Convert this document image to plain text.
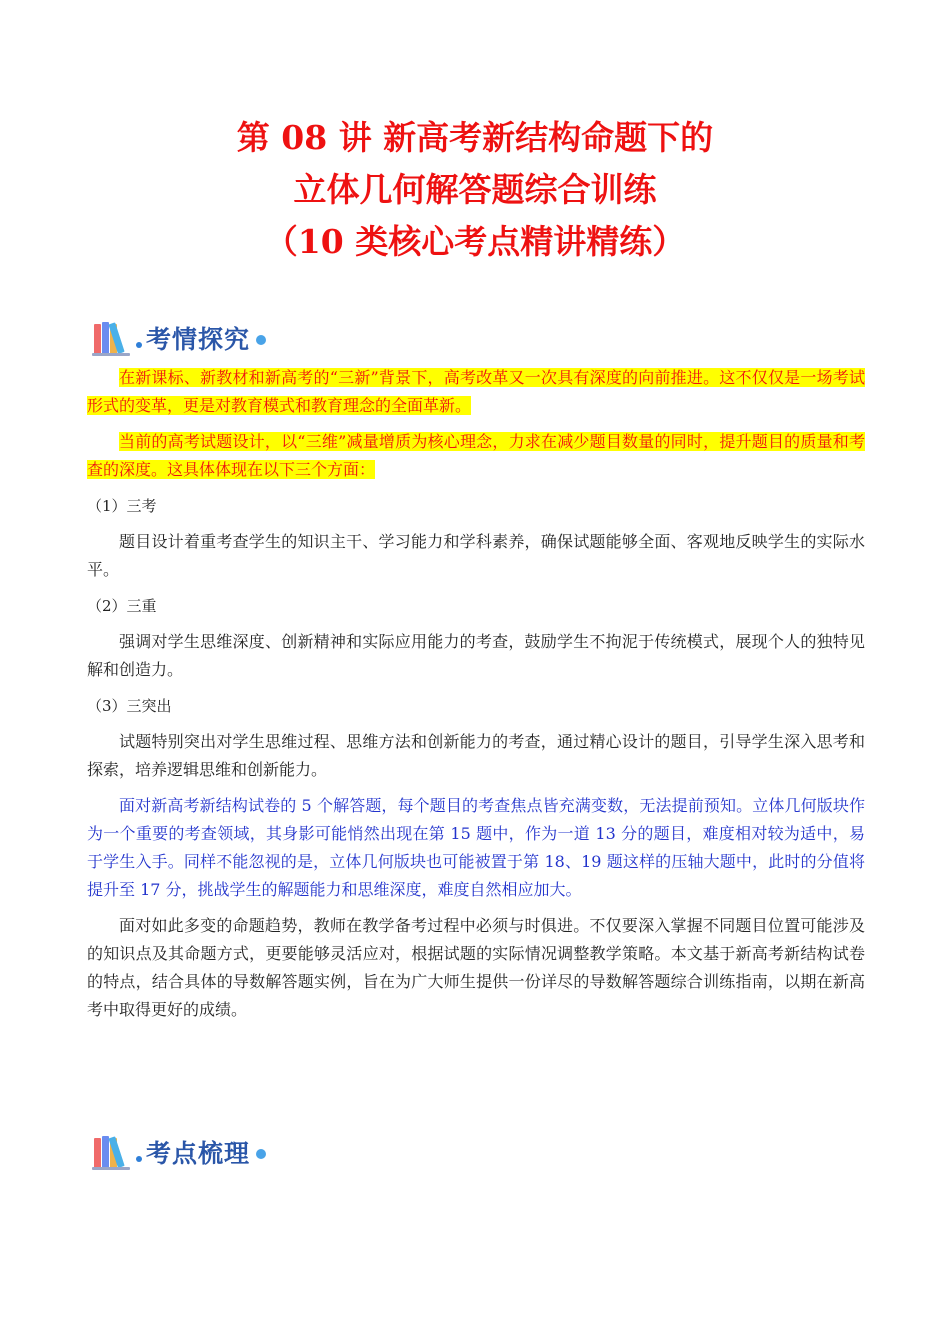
第 08 讲 新高考新结构命题下的
立体几何解答题综合训练
（10 类核心考点精讲精练）
考情探究

在新课标、新教材和新高考的“三新”背景下，高考改革又一次具有深度的向前推进。这不仅仅是一场考试形式的变革，更是对教育模式和教育理念的全面革新。

当前的高考试题设计，以“三维”减量增质为核心理念，力求在减少题目数量的同时，提升题目的质量和考查的深度。这具体体现在以下三个方面：

（1）三考

题目设计着重考查学生的知识主干、学习能力和学科素养，确保试题能够全面、客观地反映学生的实际水平。

（2）三重

强调对学生思维深度、创新精神和实际应用能力的考查，鼓励学生不拘泥于传统模式，展现个人的独特见解和创造力。

（3）三突出

试题特别突出对学生思维过程、思维方法和创新能力的考查，通过精心设计的题目，引导学生深入思考和探索，培养逻辑思维和创新能力。

面对新高考新结构试卷的 5 个解答题，每个题目的考查焦点皆充满变数，无法提前预知。立体几何版块作为一个重要的考查领域，其身影可能悄然出现在第 15 题中，作为一道 13 分的题目，难度相对较为适中，易于学生入手。同样不能忽视的是，立体几何版块也可能被置于第 18、19 题这样的压轴大题中，此时的分值将提升至 17 分，挑战学生的解题能力和思维深度，难度自然相应加大。

面对如此多变的命题趋势，教师在教学备考过程中必须与时俱进。不仅要深入掌握不同题目位置可能涉及的知识点及其命题方式，更要能够灵活应对，根据试题的实际情况调整教学策略。本文基于新高考新结构试卷的特点，结合具体的导数解答题实例，旨在为广大师生提供一份详尽的导数解答题综合训练指南，以期在新高考中取得更好的成绩。

考点梳理
